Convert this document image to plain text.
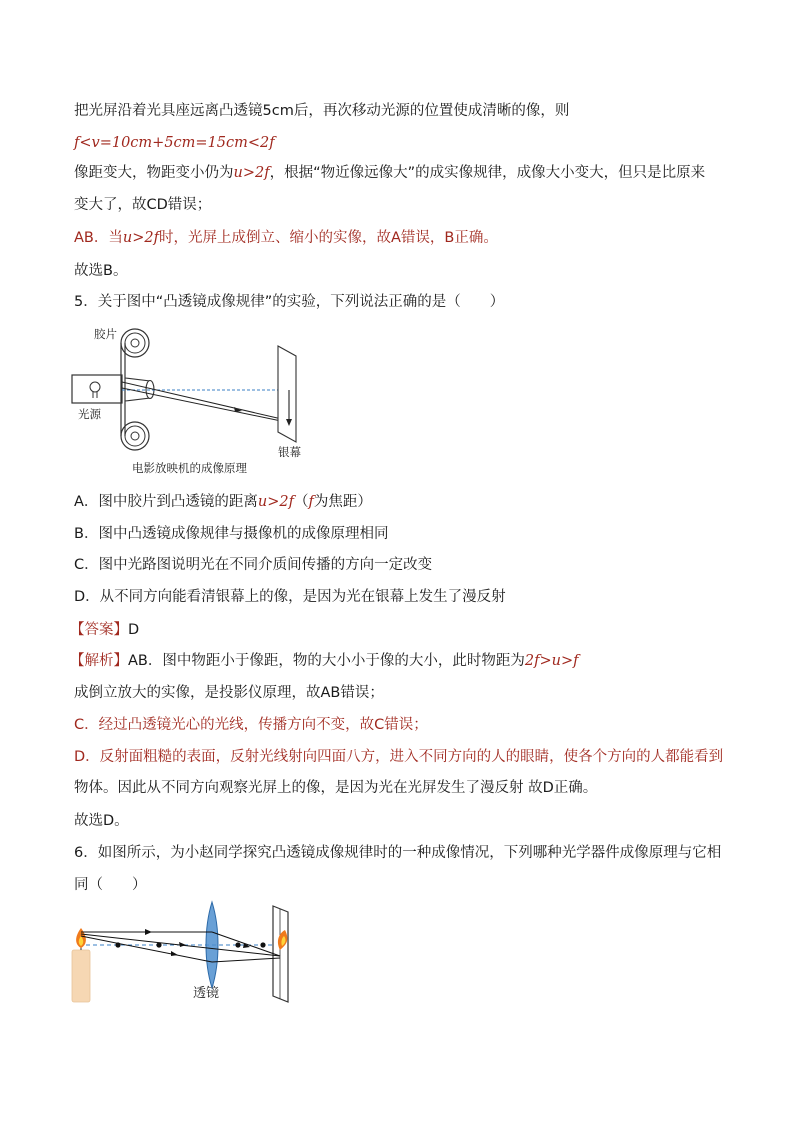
把光屏沿着光具座远离凸透镜5cm后，再次移动光源的位置使成清晰的像，则
f<v=10cm+5cm=15cm<2f
像距变大，物距变小仍为u>2f，根据“物近像远像大”的成实像规律，成像大小变大，但只是比原来
变大了，故CD错误；
AB．当u>2f时，光屏上成倒立、缩小的实像，故A错误，B正确。
故选B。
5．关于图中“凸透镜成像规律”的实验，下列说法正确的是（　　）
胶片
光源
银幕
电影放映机的成像原理
A．图中胶片到凸透镜的距离u>2f（f为焦距）
B．图中凸透镜成像规律与摄像机的成像原理相同
C．图中光路图说明光在不同介质间传播的方向一定改变
D．从不同方向能看清银幕上的像，是因为光在银幕上发生了漫反射
【答案】D
【解析】AB．图中物距小于像距，物的大小小于像的大小，此时物距为2f>u>f
成倒立放大的实像，是投影仪原理，故AB错误；
C．经过凸透镜光心的光线，传播方向不变，故C错误；
D．反射面粗糙的表面，反射光线射向四面八方，进入不同方向的人的眼睛，使各个方向的人都能看到
物体。因此从不同方向观察光屏上的像，是因为光在光屏发生了漫反射 故D正确。
故选D。
6．如图所示，为小赵同学探究凸透镜成像规律时的一种成像情况，下列哪种光学器件成像原理与它相
同（　　）
透镜
